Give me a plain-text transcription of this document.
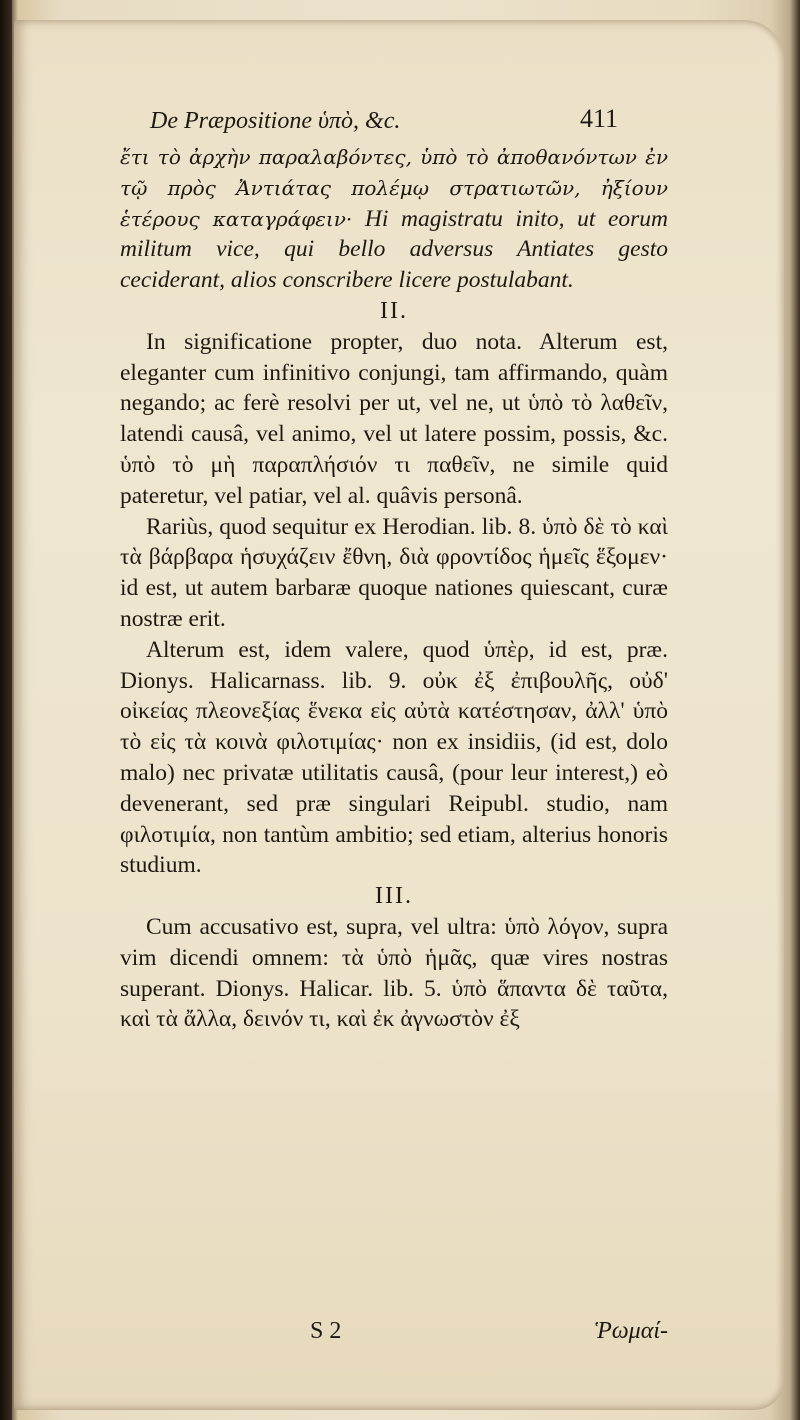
De Præpositione ὑπὸ, &c.	411

ἔτι τὸ ἀρχὴν παραλαβόντες, ὑπὸ τὸ ἀποθανόντων ἐν τῷ πρὸς Ἀντιάτας πολέμῳ στρατιωτῶν, ἠξίουν ἑτέρους καταγράφειν· Hi magistratu inito, ut eorum militum vice, qui bello adversus Antiates gesto ceciderant, alios conscribere licere postulabant.

II.

In significatione propter, duo nota. Alterum est, eleganter cum infinitivo conjungi, tam affirmando, quàm negando; ac ferè resolvi per ut, vel ne, ut ὑπὸ τὸ λαθεῖν, latendi causâ, vel animo, vel ut latere possim, possis, &c. ὑπὸ τὸ μὴ παραπλήσιόν τι παθεῖν, ne simile quid pateretur, vel patiar, vel al. quâvis personâ.

Rariùs, quod sequitur ex Herodian. lib. 8. ὑπὸ δὲ τὸ καὶ τὰ βάρβαρα ἡσυχάζειν ἔθνη, διὰ φροντίδος ἡμεῖς ἕξομεν· id est, ut autem barbaræ quoque nationes quiescant, curæ nostræ erit.

Alterum est, idem valere, quod ὑπὲρ, id est, præ. Dionys. Halicarnass. lib. 9. οὐκ ἐξ ἐπιβουλῆς, οὐδ' οἰκείας πλεονεξίας ἕνεκα εἰς αὐτὰ κατέστησαν, ἀλλ' ὑπὸ τὸ εἰς τὰ κοινὰ φιλοτιμίας· non ex insidiis, (id est, dolo malo) nec privatæ utilitatis causâ, (pour leur interest,) eò devenerant, sed præ singulari Reipubl. studio, nam φιλοτιμία, non tantùm ambitio; sed etiam, alterius honoris studium.

III.

Cum accusativo est, supra, vel ultra: ὑπὸ λόγον, supra vim dicendi omnem: τὰ ὑπὸ ἡμᾶς, quæ vires nostras superant. Dionys. Halicar. lib. 5. ὑπὸ ἅπαντα δὲ ταῦτα, καὶ τὰ ἄλλα, δεινόν τι, καὶ ἐκ ἀγνωστὸν ἐξ

S 2	Ῥωμαί-
